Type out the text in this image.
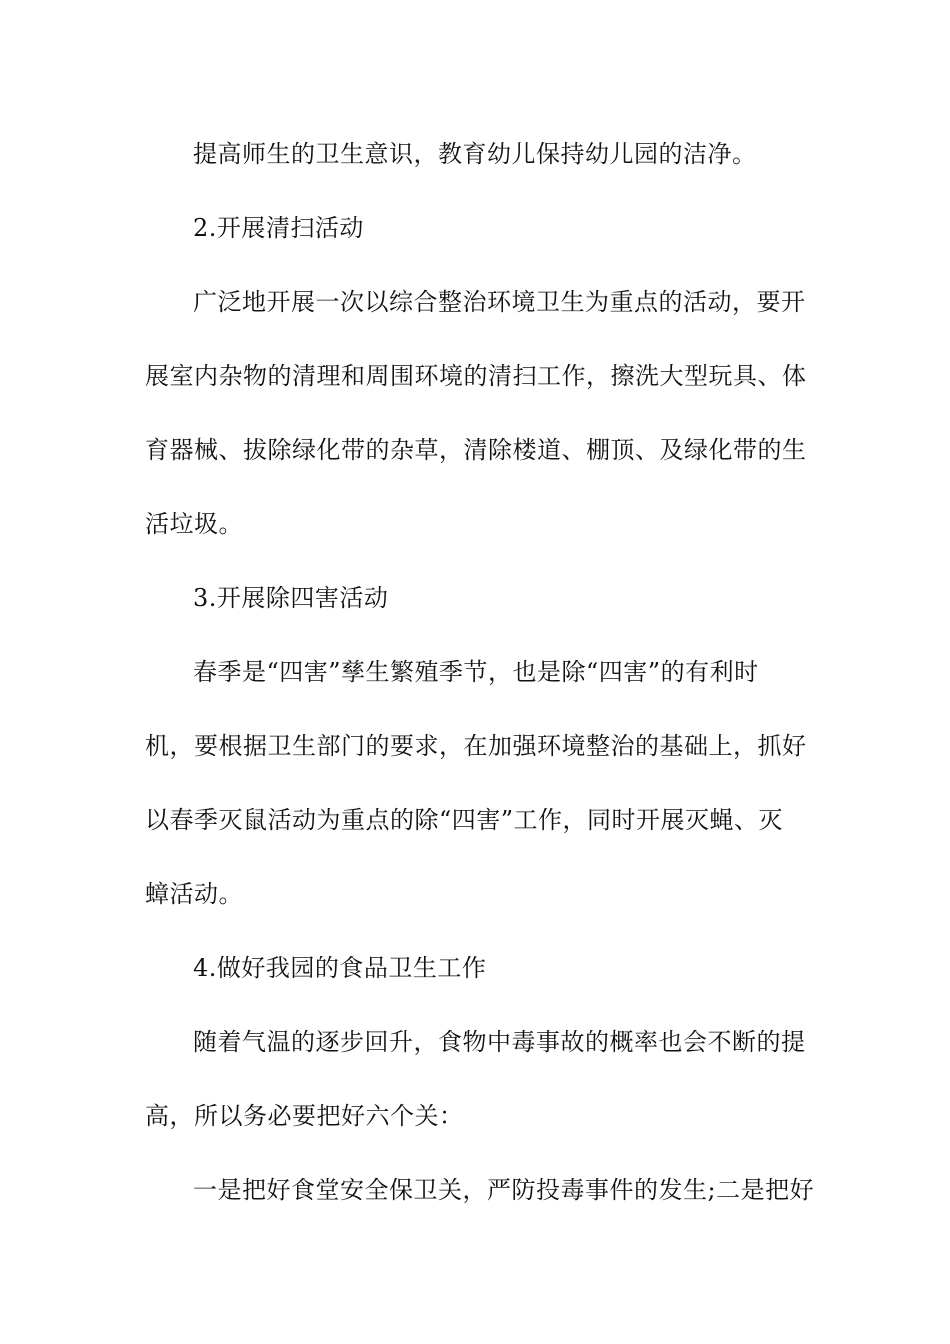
提高师生的卫生意识，教育幼儿保持幼儿园的洁净。
2.开展清扫活动
广泛地开展一次以综合整治环境卫生为重点的活动，要开
展室内杂物的清理和周围环境的清扫工作，擦洗大型玩具、体
育器械、拔除绿化带的杂草，清除楼道、棚顶、及绿化带的生
活垃圾。
3.开展除四害活动
春季是“四害”孳生繁殖季节，也是除“四害”的有利时
机，要根据卫生部门的要求，在加强环境整治的基础上，抓好
以春季灭鼠活动为重点的除“四害”工作，同时开展灭蝇、灭
蟑活动。
4.做好我园的食品卫生工作
随着气温的逐步回升，食物中毒事故的概率也会不断的提
高，所以务必要把好六个关：
一是把好食堂安全保卫关，严防投毒事件的发生;二是把好
